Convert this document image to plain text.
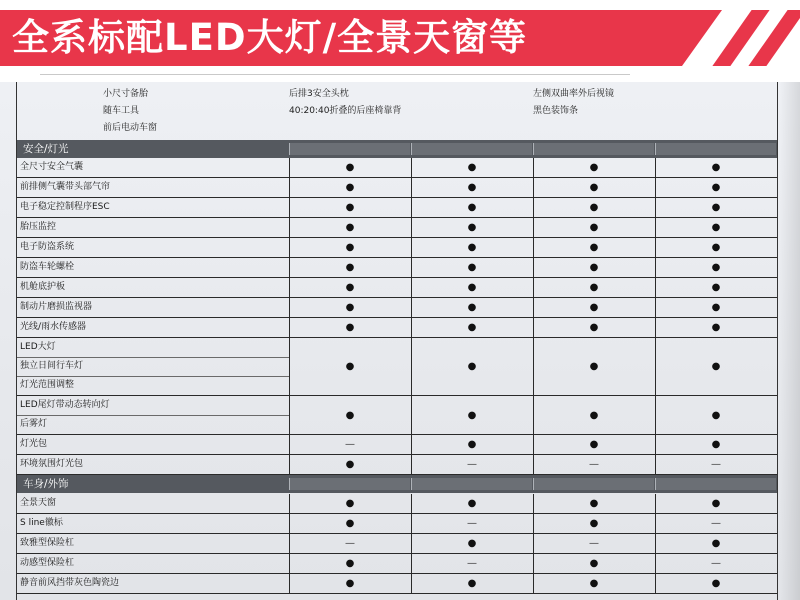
全系标配LED大灯/全景天窗等
小尺寸备胎
随车工具
前后电动车窗
后排3安全头枕
40:20:40折叠的后座椅靠背
左侧双曲率外后视镜
黑色装饰条
安全/灯光
车身/外饰
全尺寸安全气囊	●	●	●	●
前排侧气囊带头部气帘	●	●	●	●
电子稳定控制程序ESC	●	●	●	●
胎压监控	●	●	●	●
电子防盗系统	●	●	●	●
防盗车轮螺栓	●	●	●	●
机舱底护板	●	●	●	●
制动片磨损监视器	●	●	●	●
光线/雨水传感器	●	●	●	●
LED大灯
独立日间行车灯
灯光范围调整
●	●	●	●
LED尾灯带动态转向灯
后雾灯
●	●	●	●
灯光包	—	●	●	●
环境氛围灯光包	●	—	—	—
全景天窗	●	●	●	●
S line徽标	●	—	●	—
致雅型保险杠	—	●	—	●
动感型保险杠	●	—	●	—
静音前风挡带灰色陶瓷边	●	●	●	●
